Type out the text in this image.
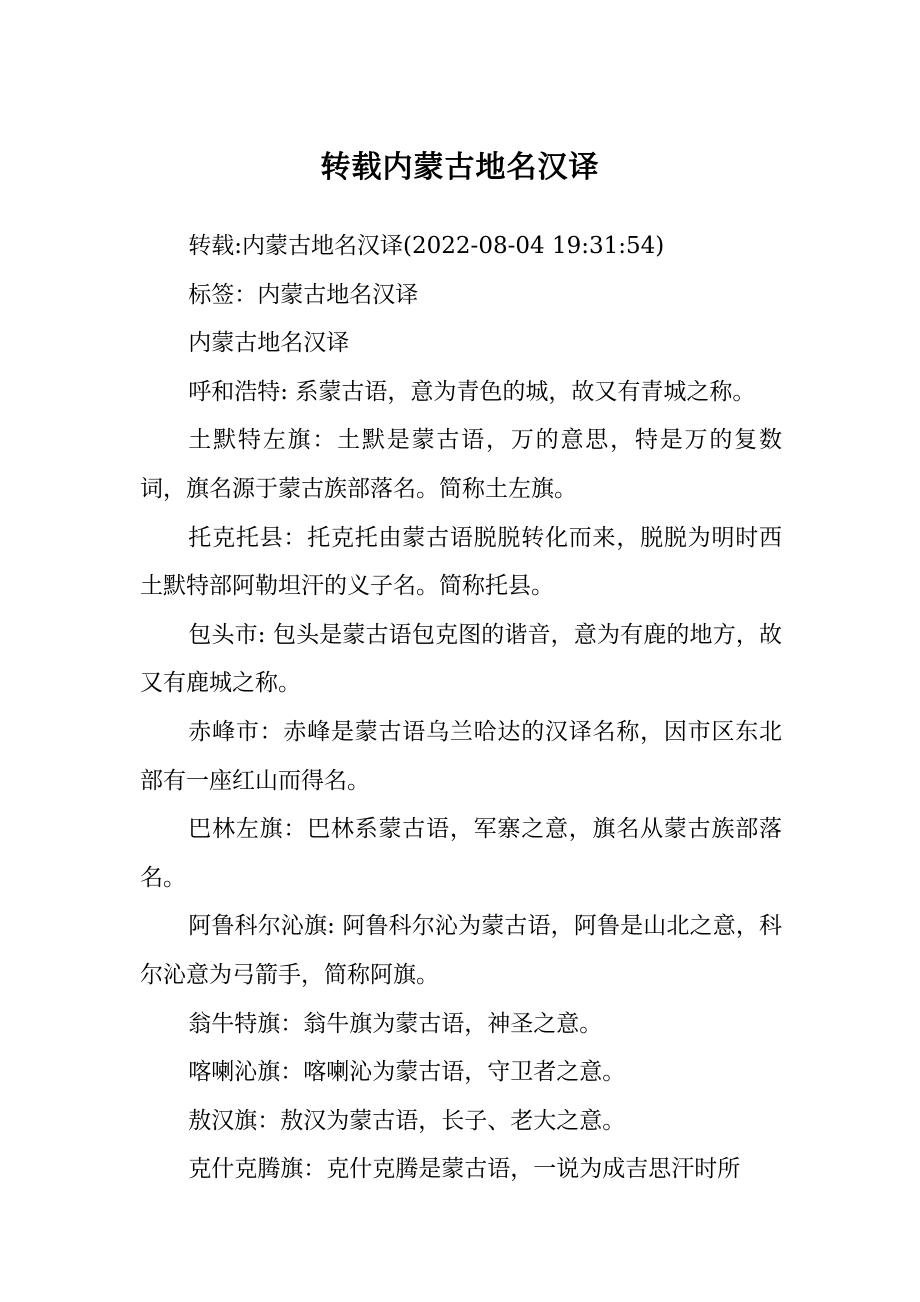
转载内蒙古地名汉译

转载:内蒙古地名汉译(2022-08-04 19:31:54)

标签：内蒙古地名汉译

内蒙古地名汉译

呼和浩特: 系蒙古语，意为青色的城，故又有青城之称。

土默特左旗：土默是蒙古语，万的意思，特是万的复数词，旗名源于蒙古族部落名。简称土左旗。

托克托县：托克托由蒙古语脱脱转化而来，脱脱为明时西土默特部阿勒坦汗的义子名。简称托县。

包头市: 包头是蒙古语包克图的谐音，意为有鹿的地方，故又有鹿城之称。

赤峰市：赤峰是蒙古语乌兰哈达的汉译名称，因市区东北部有一座红山而得名。

巴林左旗：巴林系蒙古语，军寨之意，旗名从蒙古族部落名。

阿鲁科尔沁旗: 阿鲁科尔沁为蒙古语，阿鲁是山北之意，科尔沁意为弓箭手，简称阿旗。

翁牛特旗：翁牛旗为蒙古语，神圣之意。

喀喇沁旗：喀喇沁为蒙古语，守卫者之意。

敖汉旗：敖汉为蒙古语，长子、老大之意。

克什克腾旗：克什克腾是蒙古语，一说为成吉思汗时所
